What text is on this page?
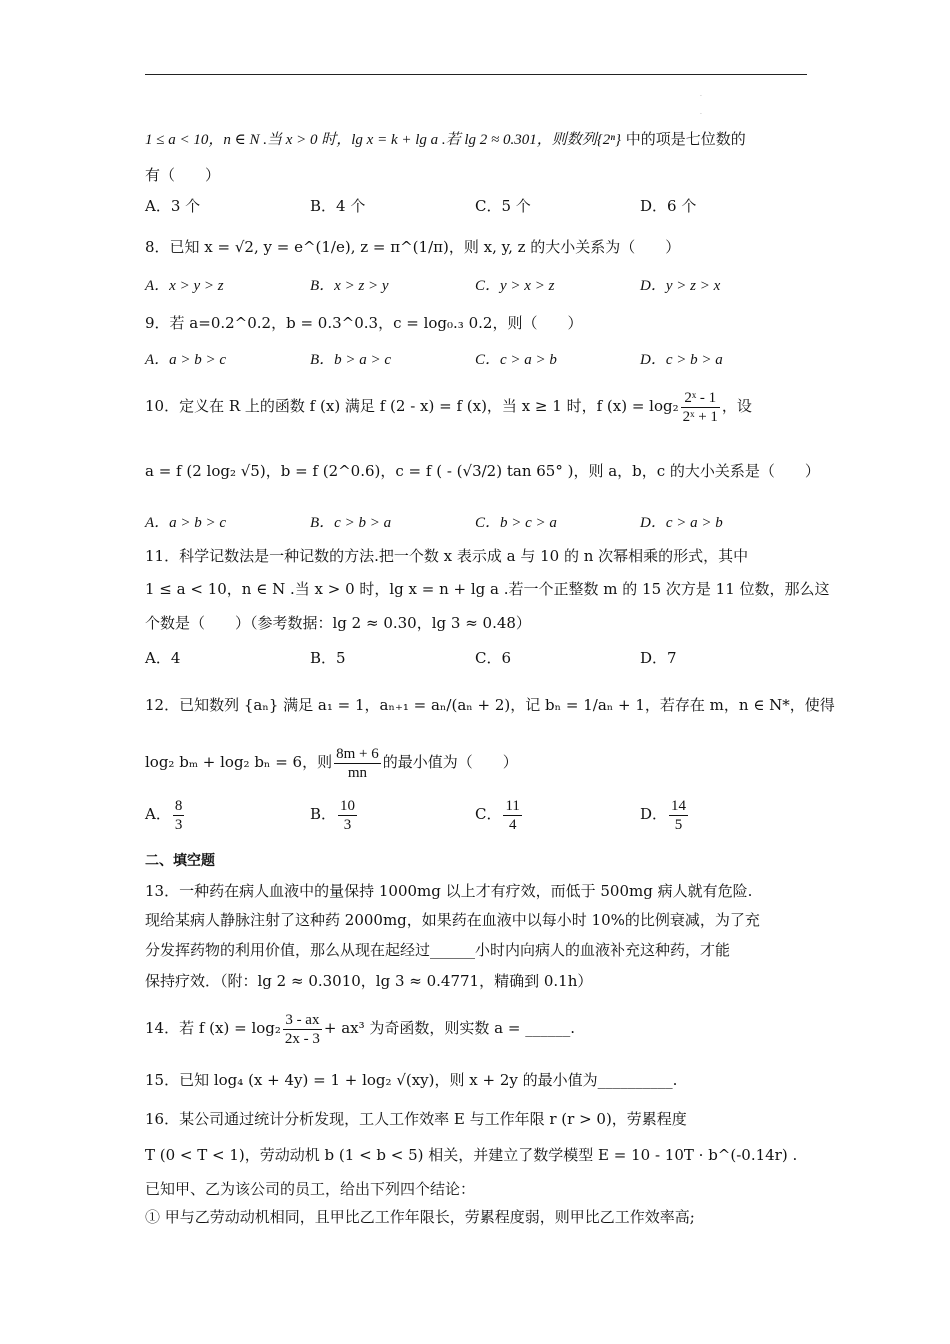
.
.
1 ≤ a < 10，n ∈ N .当 x > 0 时，lg x = k + lg a .若 lg 2 ≈ 0.301，则数列{2ⁿ} 中的项是七位数的
有（　　）
A．3 个	B．4 个	C．5 个	D．6 个
8．已知 x = √2, y = e^(1/e), z = π^(1/π)，则 x, y, z 的大小关系为（　　）
A．x > y > z	B．x > z > y	C．y > x > z	D．y > z > x
9．若 a=0.2^0.2，b = 0.3^0.3，c = log₀.₃ 0.2，则（　　）
A．a > b > c	B．b > a > c	C．c > a > b	D．c > b > a
10．定义在 R 上的函数 f (x) 满足 f (2 - x) = f (x)，当 x ≥ 1 时，f $(x) = \log_2 \frac{\text{2ˣ - 1}}{\text{2ˣ + 1}}$ ，设
a = f (2 log₂ √5)，b = f (2^0.6)，c = f ( - (√3/2) tan 65° )，则 a，b，c 的大小关系是（　　）
A．a > b > c	B．c > b > a	C．b > c > a	D．c > a > b
11．科学记数法是一种记数的方法.把一个数 x 表示成 a 与 10 的 n 次幂相乘的形式，其中
1 ≤ a < 10，n ∈ N .当 x > 0 时，lg x = n + lg a .若一个正整数 m 的 15 次方是 11 位数，那么这
个数是（　　）（参考数据：lg 2 ≈ 0.30，lg 3 ≈ 0.48）
A．4	B．5	C．6	D．7
12．已知数列 {aₙ} 满足 a₁ = 1，aₙ₊₁ = aₙ/(aₙ + 2)，记 bₙ = 1/aₙ + 1，若存在 m，n ∈ N*，使得
log₂ bₘ + log₂ bₙ = 6，则 $\frac{8m + 6}{mn}$ 的最小值为（　　）
A． $\frac{8}{3}$	B． $\frac{10}{3}$	C． $\frac{11}{4}$	D． $\frac{14}{5}$
二、填空题
13．一种药在病人血液中的量保持 1000mg 以上才有疗效，而低于 500mg 病人就有危险.
现给某病人静脉注射了这种药 2000mg，如果药在血液中以每小时 10%的比例衰减，为了充
分发挥药物的利用价值，那么从现在起经过______小时内向病人的血液补充这种药，才能
保持疗效．（附：lg 2 ≈ 0.3010，lg 3 ≈ 0.4771，精确到 0.1h）
14．若 f $(x) = \log_2 \frac{3 - ax}{2x - 3} + ax^3$ 为奇函数，则实数 a = ______.
15．已知 log₄ (x + 4y) = 1 + log₂ √(xy)，则 x + 2y 的最小值为__________.
16．某公司通过统计分析发现，工人工作效率 E 与工作年限 r (r > 0)，劳累程度
T (0 < T < 1)，劳动动机 b (1 < b < 5) 相关，并建立了数学模型 E = 10 - 10T · b^(-0.14r) .
已知甲、乙为该公司的员工，给出下列四个结论：
① 甲与乙劳动动机相同，且甲比乙工作年限长，劳累程度弱，则甲比乙工作效率高;
